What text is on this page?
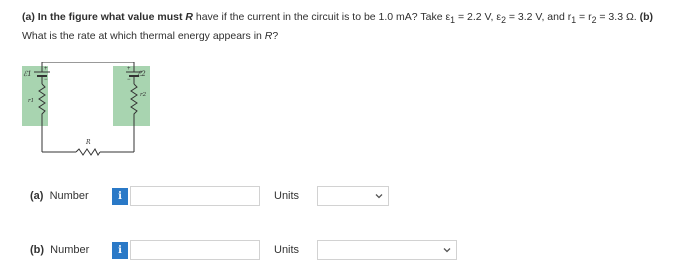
(a) In the figure what value must R have if the current in the circuit is to be 1.0 mA? Take $\varepsilon_1 = 2.2$ V, $\varepsilon_2 = 3.2$ V, and $r_1 = r_2 = 3.3$ Ω. (b)
What is the rate at which thermal energy appears in R?
ℰ1
+
−
r1
ℰ2
+
−
r2
R
(a) Number	i	Units
(b) Number	i	Units
